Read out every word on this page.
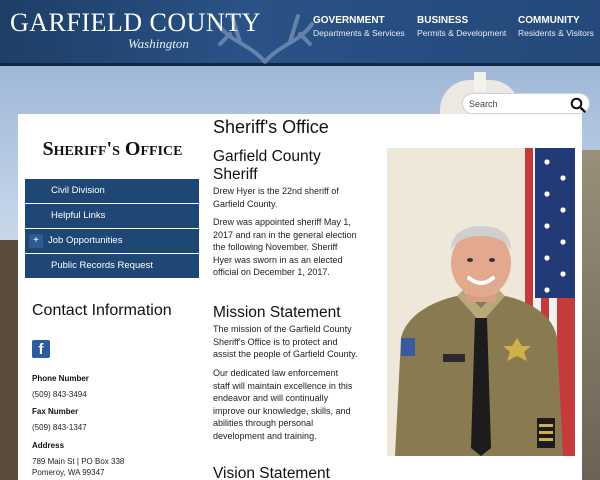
GARFIELD COUNTY
Washington
GOVERNMENT
Departments & Services
BUSINESS
Permits & Development
COMMUNITY
Residents & Visitors
Search
Sheriff's Office
Civil Division
Helpful Links
+ Job Opportunities
Public Records Request
Contact Information
f
Phone Number
(509) 843-3494
Fax Number
(509) 843-1347
Address
789 Main St | PO Box 338
Pomeroy, WA 99347
Sheriff's Office
Garfield County
Sheriff
Drew Hyer is the 22nd sheriff of
Garfield County.
Drew was appointed sheriff May 1,
2017 and ran in the general election
the following November. Sheriff
Hyer was sworn in as an elected
official on December 1, 2017.
Mission Statement
The mission of the Garfield County
Sheriff's Office is to protect and
assist the people of Garfield County.
Our dedicated law enforcement
staff will maintain excellence in this
endeavor and will continually
improve our knowledge, skills, and
abilities through personal
development and training.
Vision Statement
